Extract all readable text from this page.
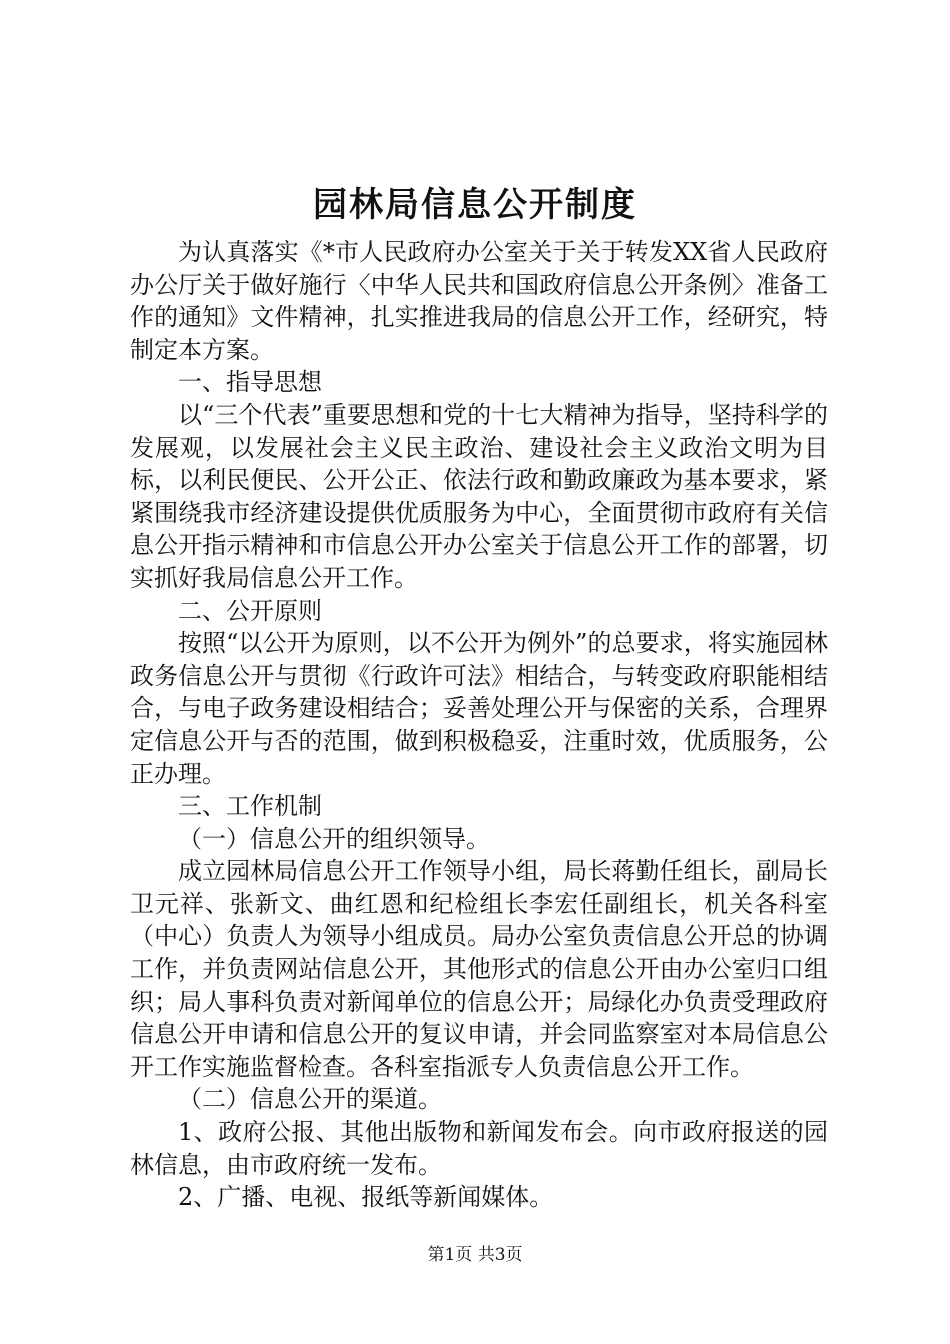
园林局信息公开制度

为认真落实《*市人民政府办公室关于关于转发XX省人民政府办公厅关于做好施行〈中华人民共和国政府信息公开条例〉准备工作的通知》文件精神，扎实推进我局的信息公开工作，经研究，特制定本方案。

一、指导思想

以“三个代表”重要思想和党的十七大精神为指导，坚持科学的发展观，以发展社会主义民主政治、建设社会主义政治文明为目标，以利民便民、公开公正、依法行政和勤政廉政为基本要求，紧紧围绕我市经济建设提供优质服务为中心，全面贯彻市政府有关信息公开指示精神和市信息公开办公室关于信息公开工作的部署，切实抓好我局信息公开工作。

二、公开原则

按照“以公开为原则，以不公开为例外”的总要求，将实施园林政务信息公开与贯彻《行政许可法》相结合，与转变政府职能相结合，与电子政务建设相结合；妥善处理公开与保密的关系，合理界定信息公开与否的范围，做到积极稳妥，注重时效，优质服务，公正办理。

三、工作机制

（一）信息公开的组织领导。

成立园林局信息公开工作领导小组，局长蒋勤任组长，副局长卫元祥、张新文、曲红恩和纪检组长李宏任副组长，机关各科室（中心）负责人为领导小组成员。局办公室负责信息公开总的协调工作，并负责网站信息公开，其他形式的信息公开由办公室归口组织；局人事科负责对新闻单位的信息公开；局绿化办负责受理政府信息公开申请和信息公开的复议申请，并会同监察室对本局信息公开工作实施监督检查。各科室指派专人负责信息公开工作。

（二）信息公开的渠道。

1、政府公报、其他出版物和新闻发布会。向市政府报送的园林信息，由市政府统一发布。

2、广播、电视、报纸等新闻媒体。

第1页 共3页
